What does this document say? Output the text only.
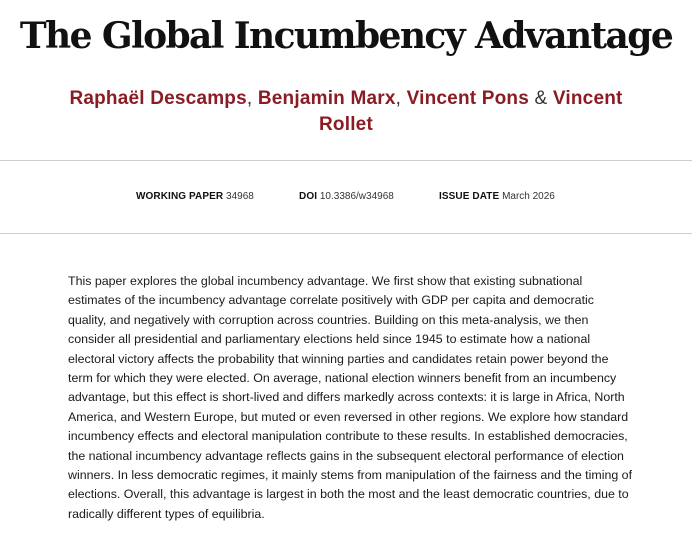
The Global Incumbency Advantage
Raphaël Descamps, Benjamin Marx, Vincent Pons & Vincent Rollet
WORKING PAPER 34968	DOI 10.3386/w34968	ISSUE DATE March 2026

This paper explores the global incumbency advantage. We first show that existing subnational estimates of the incumbency advantage correlate positively with GDP per capita and democratic quality, and negatively with corruption across countries. Building on this meta-analysis, we then consider all presidential and parliamentary elections held since 1945 to estimate how a national electoral victory affects the probability that winning parties and candidates retain power beyond the term for which they were elected. On average, national election winners benefit from an incumbency advantage, but this effect is short-lived and differs markedly across contexts: it is large in Africa, North America, and Western Europe, but muted or even reversed in other regions. We explore how standard incumbency effects and electoral manipulation contribute to these results. In established democracies, the national incumbency advantage reflects gains in the subsequent electoral performance of election winners. In less democratic regimes, it mainly stems from manipulation of the fairness and the timing of elections. Overall, this advantage is largest in both the most and the least democratic countries, due to radically different types of equilibria.
